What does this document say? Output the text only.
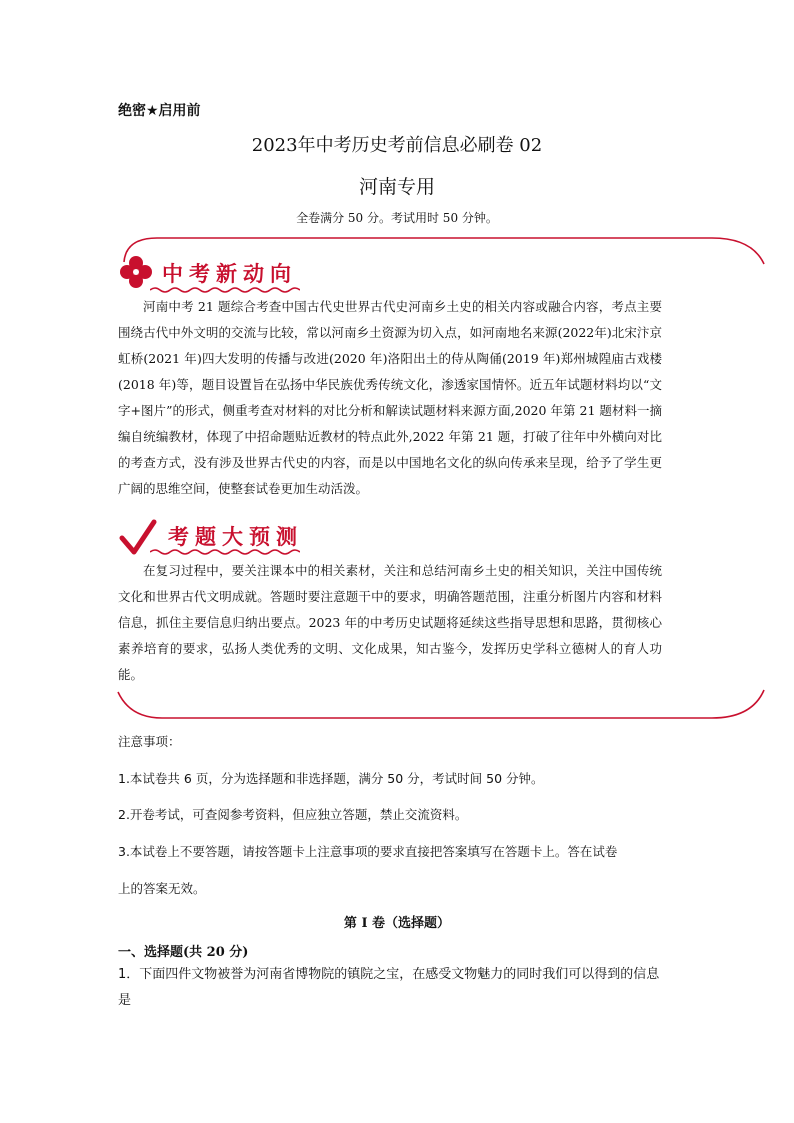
绝密★启用前
2023年中考历史考前信息必刷卷 02
河南专用
全卷满分 50 分。考试用时 50 分钟。
中考新动向
河南中考 21 题综合考查中国古代史世界古代史河南乡土史的相关内容或融合内容，考点主要围绕古代中外文明的交流与比较，常以河南乡土资源为切入点，如河南地名来源(2022年)北宋汴京虹桥(2021 年)四大发明的传播与改进(2020 年)洛阳出土的侍从陶俑(2019 年)郑州城隍庙古戏楼(2018 年)等，题目设置旨在弘扬中华民族优秀传统文化，渗透家国情怀。近五年试题材料均以“文字+图片”的形式，侧重考查对材料的对比分析和解读试题材料来源方面,2020 年第 21 题材料一摘编自统编教材，体现了中招命题贴近教材的特点此外,2022 年第 21 题，打破了往年中外横向对比的考查方式，没有涉及世界古代史的内容，而是以中国地名文化的纵向传承来呈现，给予了学生更广阔的思维空间，使整套试卷更加生动活泼。
考题大预测
在复习过程中，要关注课本中的相关素材，关注和总结河南乡土史的相关知识，关注中国传统文化和世界古代文明成就。答题时要注意题干中的要求，明确答题范围，注重分析图片内容和材料信息，抓住主要信息归纳出要点。2023 年的中考历史试题将延续这些指导思想和思路，贯彻核心素养培育的要求，弘扬人类优秀的文明、文化成果，知古鉴今，发挥历史学科立德树人的育人功能。
注意事项：
1.本试卷共 6 页，分为选择题和非选择题，满分 50 分，考试时间 50 分钟。
2.开卷考试，可查阅参考资料，但应独立答题，禁止交流资料。
3.本试卷上不要答题，请按答题卡上注意事项的要求直接把答案填写在答题卡上。答在试卷
上的答案无效。
第 I 卷（选择题）
一、选择题(共 20 分)
1．下面四件文物被誉为河南省博物院的镇院之宝，在感受文物魅力的同时我们可以得到的信息是
